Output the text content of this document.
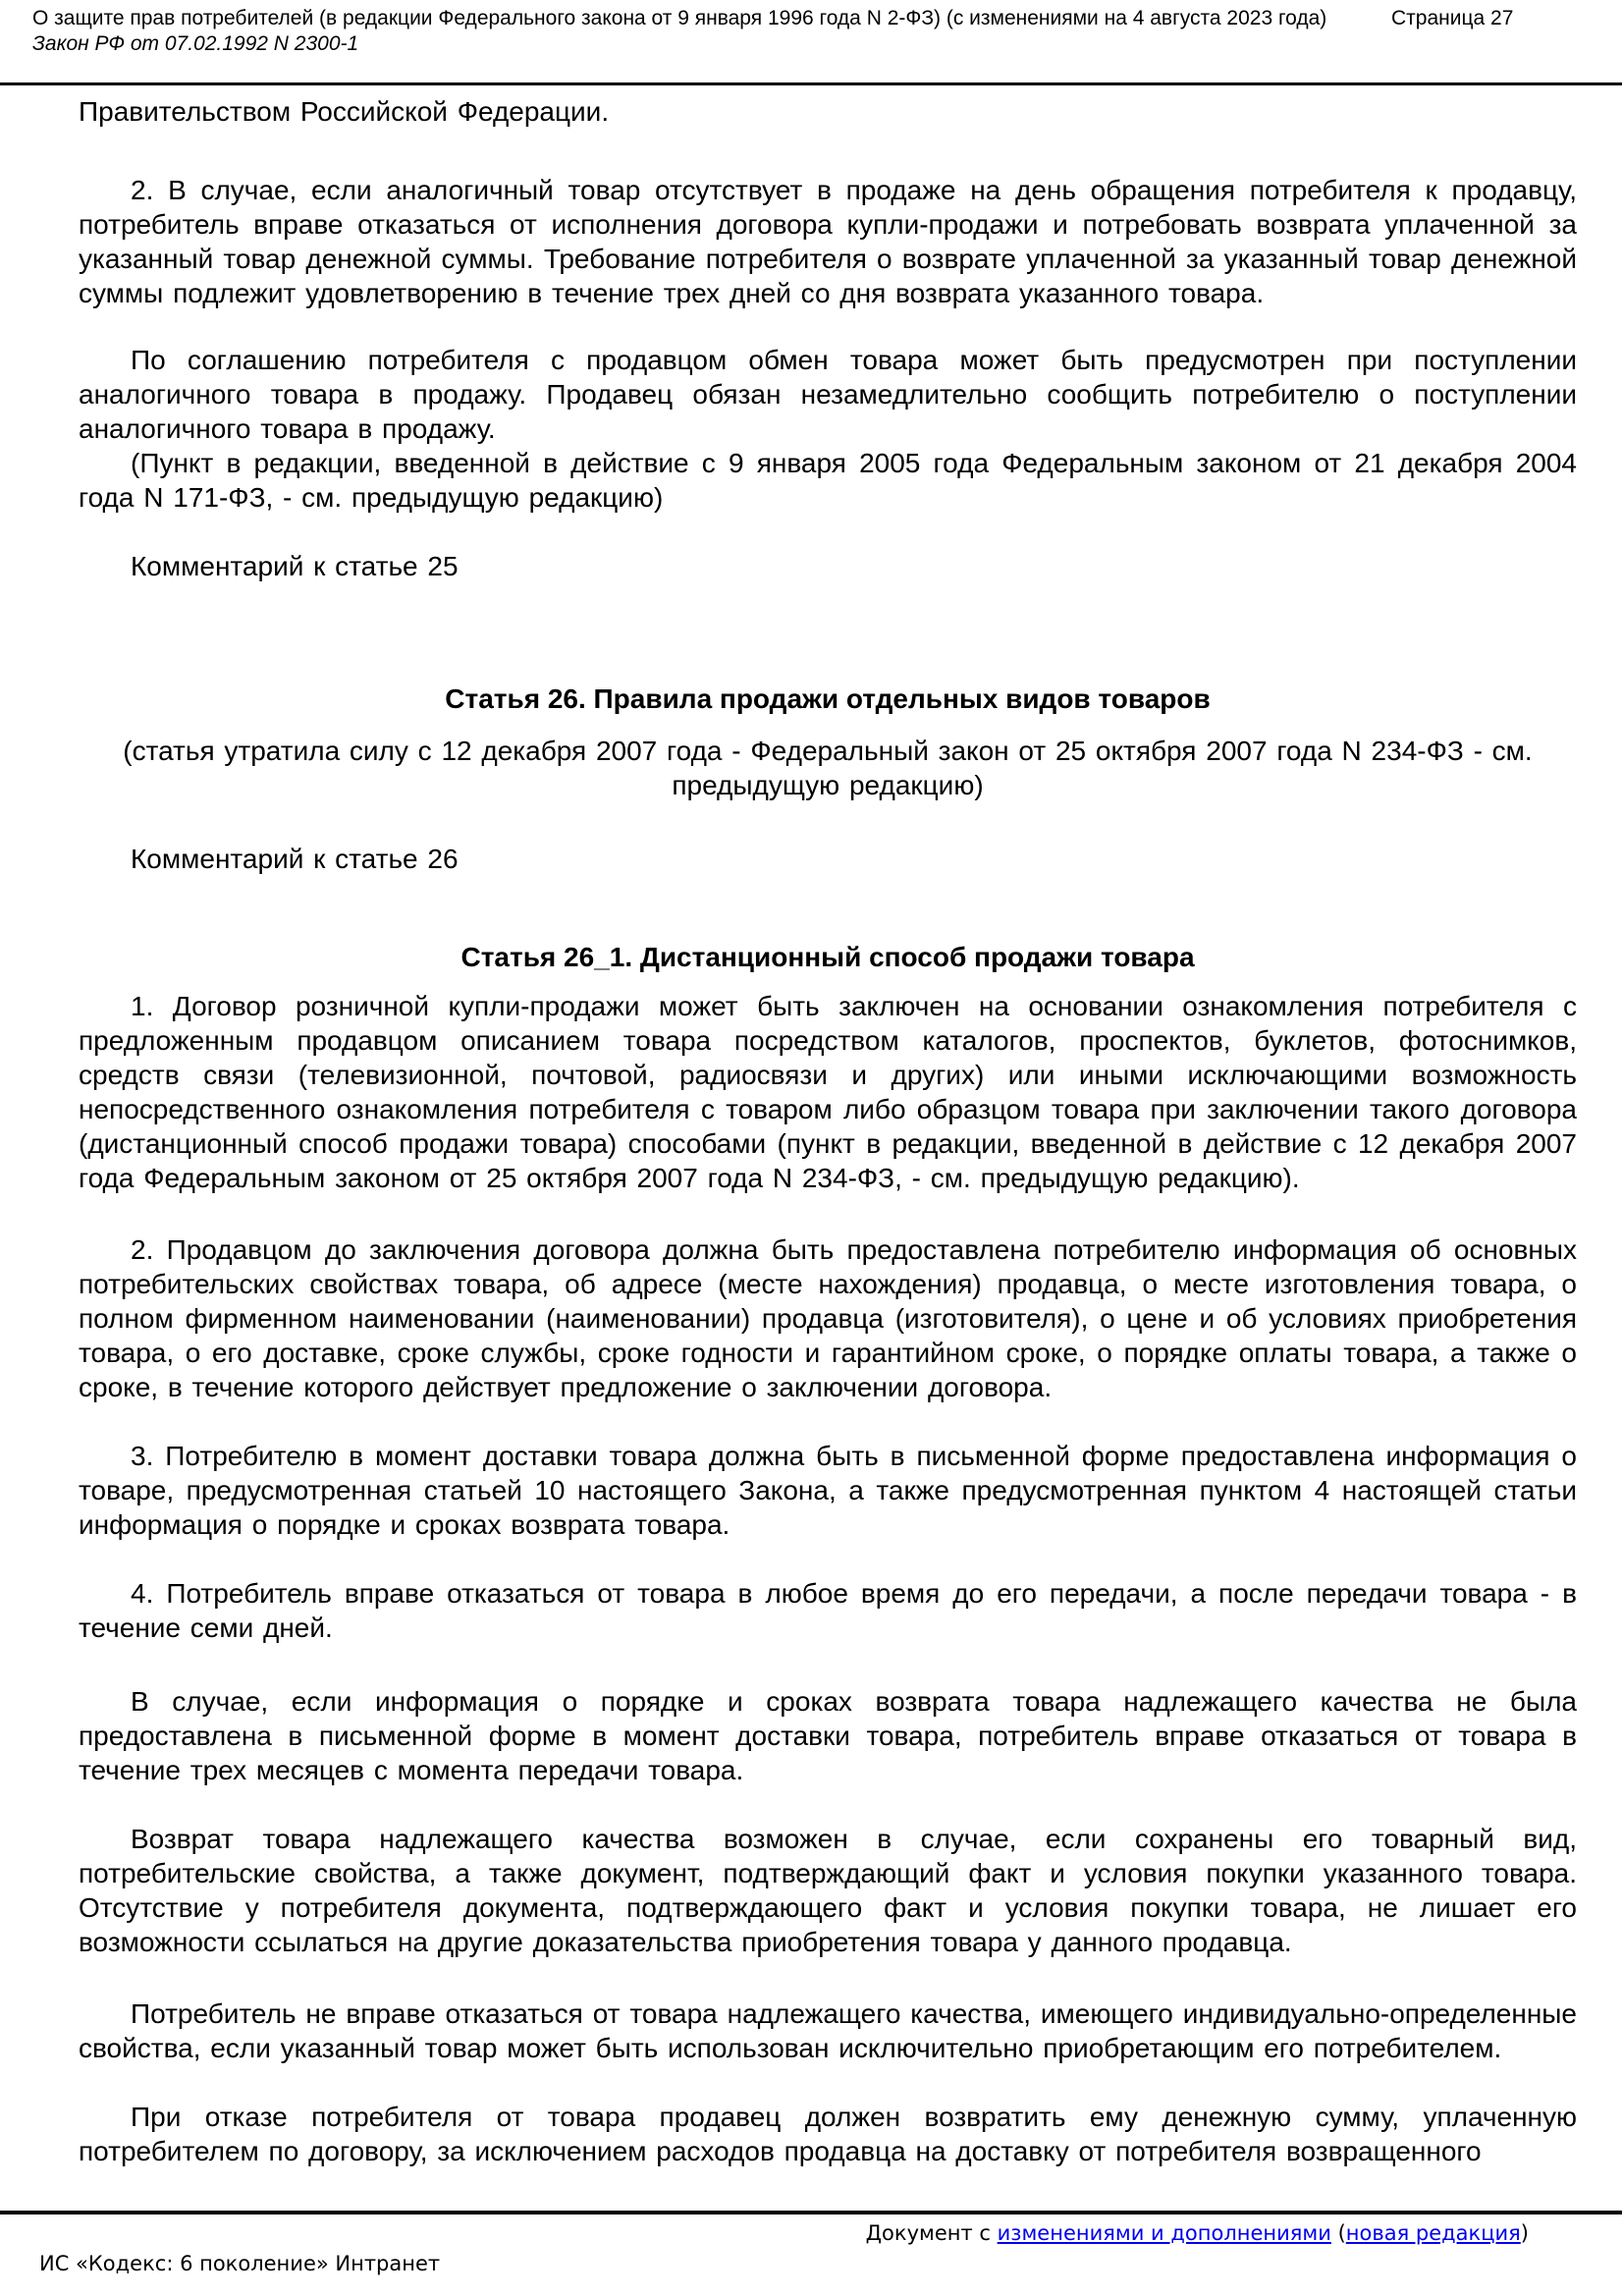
О защите прав потребителей (в редакции Федерального закона от 9 января 1996 года N 2-ФЗ) (с изменениями на 4 августа 2023 года)
Закон РФ от 07.02.1992 N 2300-1
Страница 27

Правительством Российской Федерации.

2. В случае, если аналогичный товар отсутствует в продаже на день обращения потребителя к продавцу, потребитель вправе отказаться от исполнения договора купли-продажи и потребовать возврата уплаченной за указанный товар денежной суммы. Требование потребителя о возврате уплаченной за указанный товар денежной суммы подлежит удовлетворению в течение трех дней со дня возврата указанного товара.

По соглашению потребителя с продавцом обмен товара может быть предусмотрен при поступлении аналогичного товара в продажу. Продавец обязан незамедлительно сообщить потребителю о поступлении аналогичного товара в продажу.

(Пункт в редакции, введенной в действие с 9 января 2005 года Федеральным законом от 21 декабря 2004 года N 171-ФЗ, - см. предыдущую редакцию)

Комментарий к статье 25

Статья 26. Правила продажи отдельных видов товаров

(статья утратила силу с 12 декабря 2007 года - Федеральный закон от 25 октября 2007 года N 234-ФЗ - см. предыдущую редакцию)

Комментарий к статье 26

Статья 26_1. Дистанционный способ продажи товара

1. Договор розничной купли-продажи может быть заключен на основании ознакомления потребителя с предложенным продавцом описанием товара посредством каталогов, проспектов, буклетов, фотоснимков, средств связи (телевизионной, почтовой, радиосвязи и других) или иными исключающими возможность непосредственного ознакомления потребителя с товаром либо образцом товара при заключении такого договора (дистанционный способ продажи товара) способами (пункт в редакции, введенной в действие с 12 декабря 2007 года Федеральным законом от 25 октября 2007 года N 234-ФЗ, - см. предыдущую редакцию).

2. Продавцом до заключения договора должна быть предоставлена потребителю информация об основных потребительских свойствах товара, об адресе (месте нахождения) продавца, о месте изготовления товара, о полном фирменном наименовании (наименовании) продавца (изготовителя), о цене и об условиях приобретения товара, о его доставке, сроке службы, сроке годности и гарантийном сроке, о порядке оплаты товара, а также о сроке, в течение которого действует предложение о заключении договора.

3. Потребителю в момент доставки товара должна быть в письменной форме предоставлена информация о товаре, предусмотренная статьей 10 настоящего Закона, а также предусмотренная пунктом 4 настоящей статьи информация о порядке и сроках возврата товара.

4. Потребитель вправе отказаться от товара в любое время до его передачи, а после передачи товара - в течение семи дней.

В случае, если информация о порядке и сроках возврата товара надлежащего качества не была предоставлена в письменной форме в момент доставки товара, потребитель вправе отказаться от товара в течение трех месяцев с момента передачи товара.

Возврат товара надлежащего качества возможен в случае, если сохранены его товарный вид, потребительские свойства, а также документ, подтверждающий факт и условия покупки указанного товара. Отсутствие у потребителя документа, подтверждающего факт и условия покупки товара, не лишает его возможности ссылаться на другие доказательства приобретения товара у данного продавца.

Потребитель не вправе отказаться от товара надлежащего качества, имеющего индивидуально-определенные свойства, если указанный товар может быть использован исключительно приобретающим его потребителем.

При отказе потребителя от товара продавец должен возвратить ему денежную сумму, уплаченную потребителем по договору, за исключением расходов продавца на доставку от потребителя возвращенного

Документ с изменениями и дополнениями (новая редакция)
ИС «Кодекс: 6 поколение» Интранет
